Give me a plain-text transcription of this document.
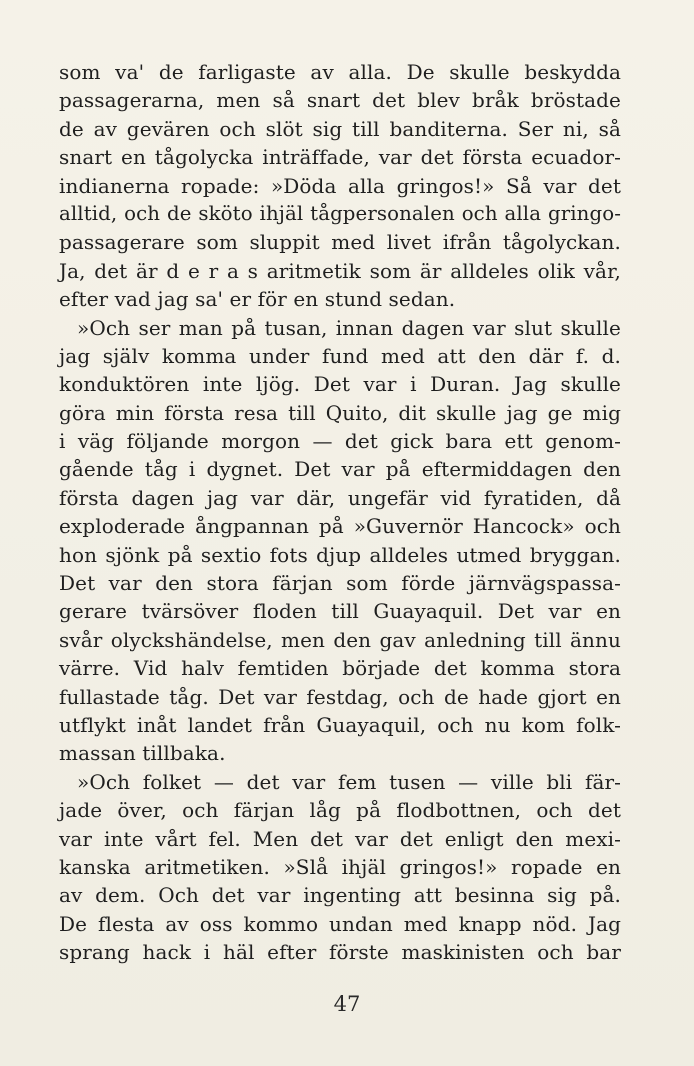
som va' de farligaste av alla. De skulle beskydda
passagerarna, men så snart det blev bråk bröstade
de av gevären och slöt sig till banditerna. Ser ni, så
snart en tågolycka inträffade, var det första ecuador-
indianerna ropade: »Döda alla gringos!» Så var det
alltid, och de sköto ihjäl tågpersonalen och alla gringo-
passagerare som sluppit med livet ifrån tågolyckan.
Ja, det är d e r a s aritmetik som är alldeles olik vår,
efter vad jag sa' er för en stund sedan.
»Och ser man på tusan, innan dagen var slut skulle
jag själv komma under fund med att den där f. d.
konduktören inte ljög. Det var i Duran. Jag skulle
göra min första resa till Quito, dit skulle jag ge mig
i väg följande morgon — det gick bara ett genom-
gående tåg i dygnet. Det var på eftermiddagen den
första dagen jag var där, ungefär vid fyratiden, då
exploderade ångpannan på »Guvernör Hancock» och
hon sjönk på sextio fots djup alldeles utmed bryggan.
Det var den stora färjan som förde järnvägspassa-
gerare tvärsöver floden till Guayaquil. Det var en
svår olyckshändelse, men den gav anledning till ännu
värre. Vid halv femtiden började det komma stora
fullastade tåg. Det var festdag, och de hade gjort en
utflykt inåt landet från Guayaquil, och nu kom folk-
massan tillbaka.
»Och folket — det var fem tusen — ville bli fär-
jade över, och färjan låg på flodbottnen, och det
var inte vårt fel. Men det var det enligt den mexi-
kanska aritmetiken. »Slå ihjäl gringos!» ropade en
av dem. Och det var ingenting att besinna sig på.
De flesta av oss kommo undan med knapp nöd. Jag
sprang hack i häl efter förste maskinisten och bar
47
